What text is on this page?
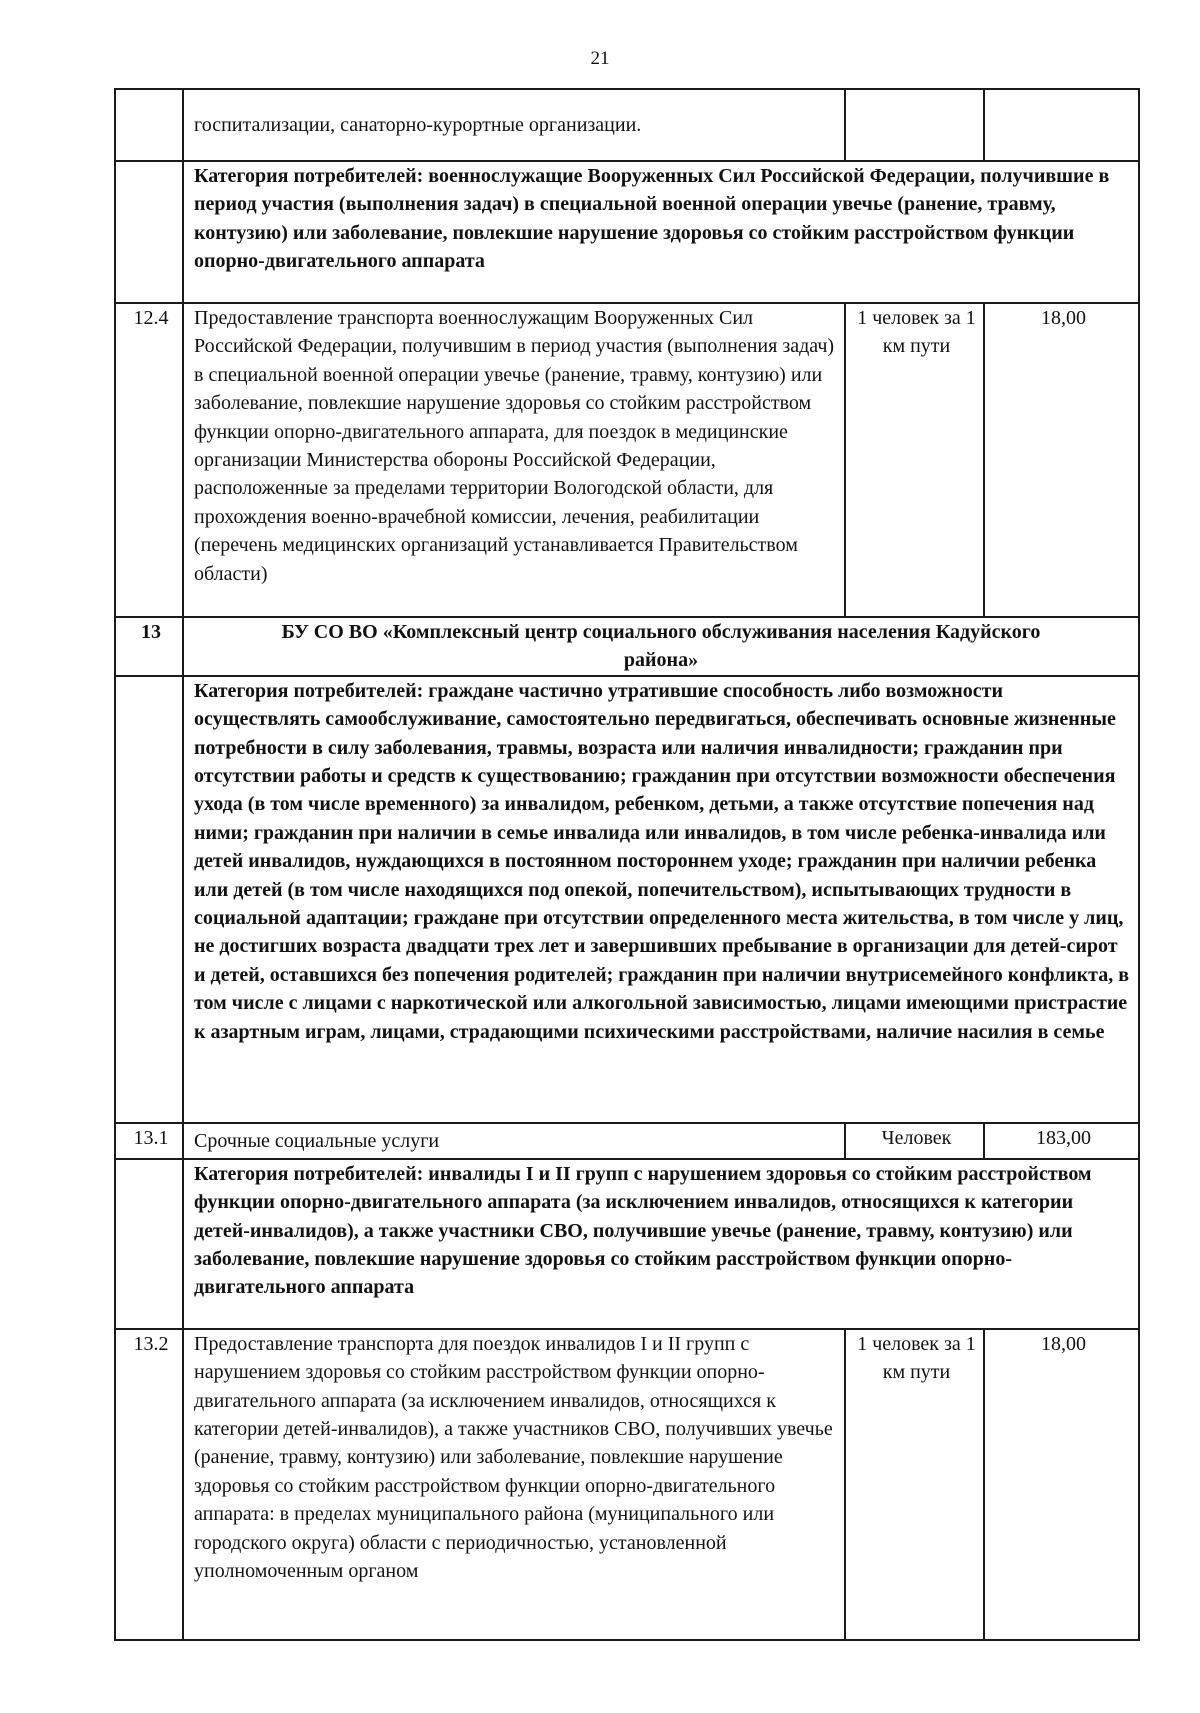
21
	госпитализации, санаторно-курортные организации.		
	Категория потребителей: военнослужащие Вооруженных Сил Российской Федерации, получившие в период участия (выполнения задач) в специальной военной операции увечье (ранение, травму, контузию) или заболевание, повлекшие нарушение здоровья со стойким расстройством функции опорно-двигательного аппарата		
12.4	Предоставление транспорта военнослужащим Вооруженных Сил Российской Федерации, получившим в период участия (выполнения задач) в специальной военной операции увечье (ранение, травму, контузию) или заболевание, повлекшие нарушение здоровья со стойким расстройством функции опорно-двигательного аппарата, для поездок в медицинские организации Министерства обороны Российской Федерации, расположенные за пределами территории Вологодской области, для прохождения военно-врачебной комиссии, лечения, реабилитации (перечень медицинских организаций устанавливается Правительством области)	1 человек за 1 км пути	18,00
13	БУ СО ВО «Комплексный центр социального обслуживания населения Кадуйского района»		
	Категория потребителей: граждане частично утратившие способность либо возможности осуществлять самообслуживание, самостоятельно передвигаться, обеспечивать основные жизненные потребности в силу заболевания, травмы, возраста или наличия инвалидности; гражданин при отсутствии работы и средств к существованию; гражданин при отсутствии возможности обеспечения ухода (в том числе временного) за инвалидом, ребенком, детьми, а также отсутствие попечения над ними; гражданин при наличии в семье инвалида или инвалидов, в том числе ребенка-инвалида или детей инвалидов, нуждающихся в постоянном постороннем уходе; гражданин при наличии ребенка или детей (в том числе находящихся под опекой, попечительством), испытывающих трудности в социальной адаптации; граждане при отсутствии определенного места жительства, в том числе у лиц, не достигших возраста двадцати трех лет и завершивших пребывание в организации для детей-сирот и детей, оставшихся без попечения родителей; гражданин при наличии внутрисемейного конфликта, в том числе с лицами с наркотической или алкогольной зависимостью, лицами имеющими пристрастие к азартным играм, лицами, страдающими психическими расстройствами, наличие насилия в семье		
13.1	Срочные социальные услуги	Человек	183,00
	Категория потребителей: инвалиды I и II групп с нарушением здоровья со стойким расстройством функции опорно-двигательного аппарата (за исключением инвалидов, относящихся к категории детей-инвалидов), а также участники СВО, получившие увечье (ранение, травму, контузию) или заболевание, повлекшие нарушение здоровья со стойким расстройством функции опорно-двигательного аппарата		
13.2	Предоставление транспорта для поездок инвалидов I и II групп с нарушением здоровья со стойким расстройством функции опорно-двигательного аппарата (за исключением инвалидов, относящихся к категории детей-инвалидов), а также участников СВО, получивших увечье (ранение, травму, контузию) или заболевание, повлекшие нарушение здоровья со стойким расстройством функции опорно-двигательного аппарата: в пределах муниципального района (муниципального или городского округа) области с периодичностью, установленной уполномоченным органом	1 человек за 1 км пути	18,00
